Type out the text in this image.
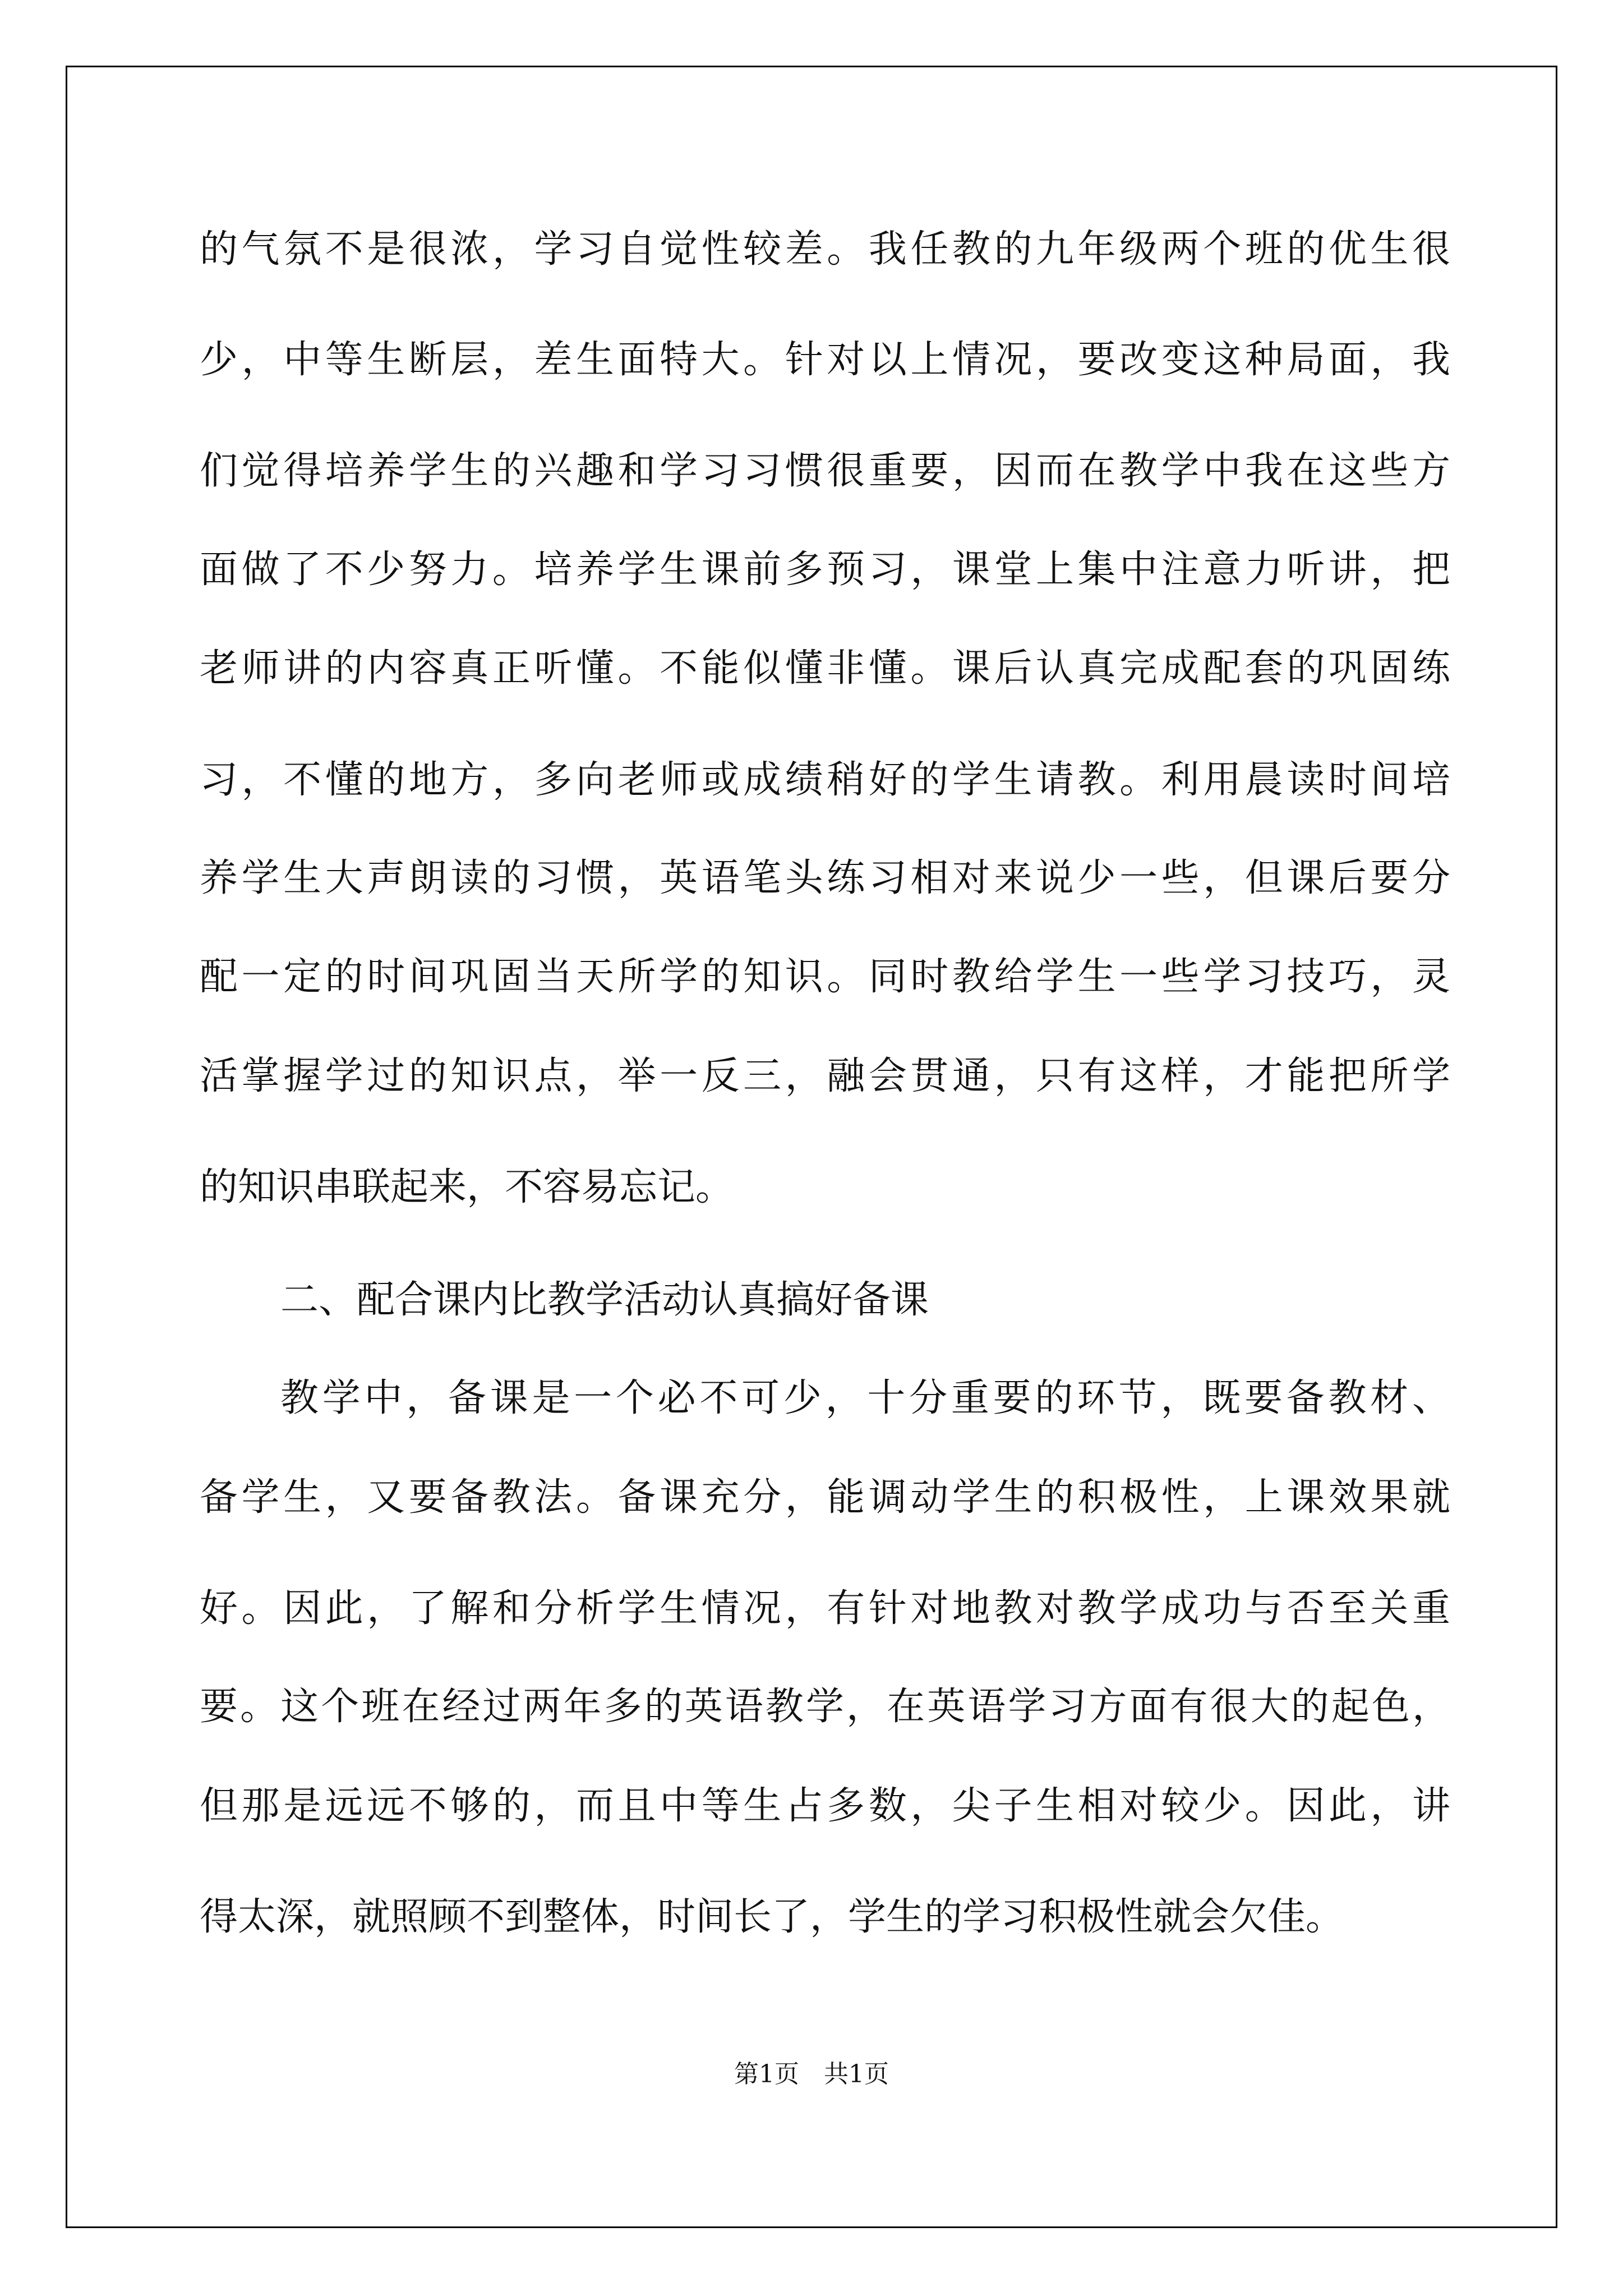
的气氛不是很浓，学习自觉性较差。我任教的九年级两个班的优生很
少，中等生断层，差生面特大。针对以上情况，要改变这种局面，我
们觉得培养学生的兴趣和学习习惯很重要，因而在教学中我在这些方
面做了不少努力。培养学生课前多预习，课堂上集中注意力听讲，把
老师讲的内容真正听懂。不能似懂非懂。课后认真完成配套的巩固练
习，不懂的地方，多向老师或成绩稍好的学生请教。利用晨读时间培
养学生大声朗读的习惯，英语笔头练习相对来说少一些，但课后要分
配一定的时间巩固当天所学的知识。同时教给学生一些学习技巧，灵
活掌握学过的知识点，举一反三，融会贯通，只有这样，才能把所学
的知识串联起来，不容易忘记。
二、配合课内比教学活动认真搞好备课
教学中，备课是一个必不可少，十分重要的环节，既要备教材、
备学生，又要备教法。备课充分，能调动学生的积极性，上课效果就
好。因此，了解和分析学生情况，有针对地教对教学成功与否至关重
要。这个班在经过两年多的英语教学，在英语学习方面有很大的起色，
但那是远远不够的，而且中等生占多数，尖子生相对较少。因此，讲
得太深，就照顾不到整体，时间长了，学生的学习积极性就会欠佳。
第1页　共1页
